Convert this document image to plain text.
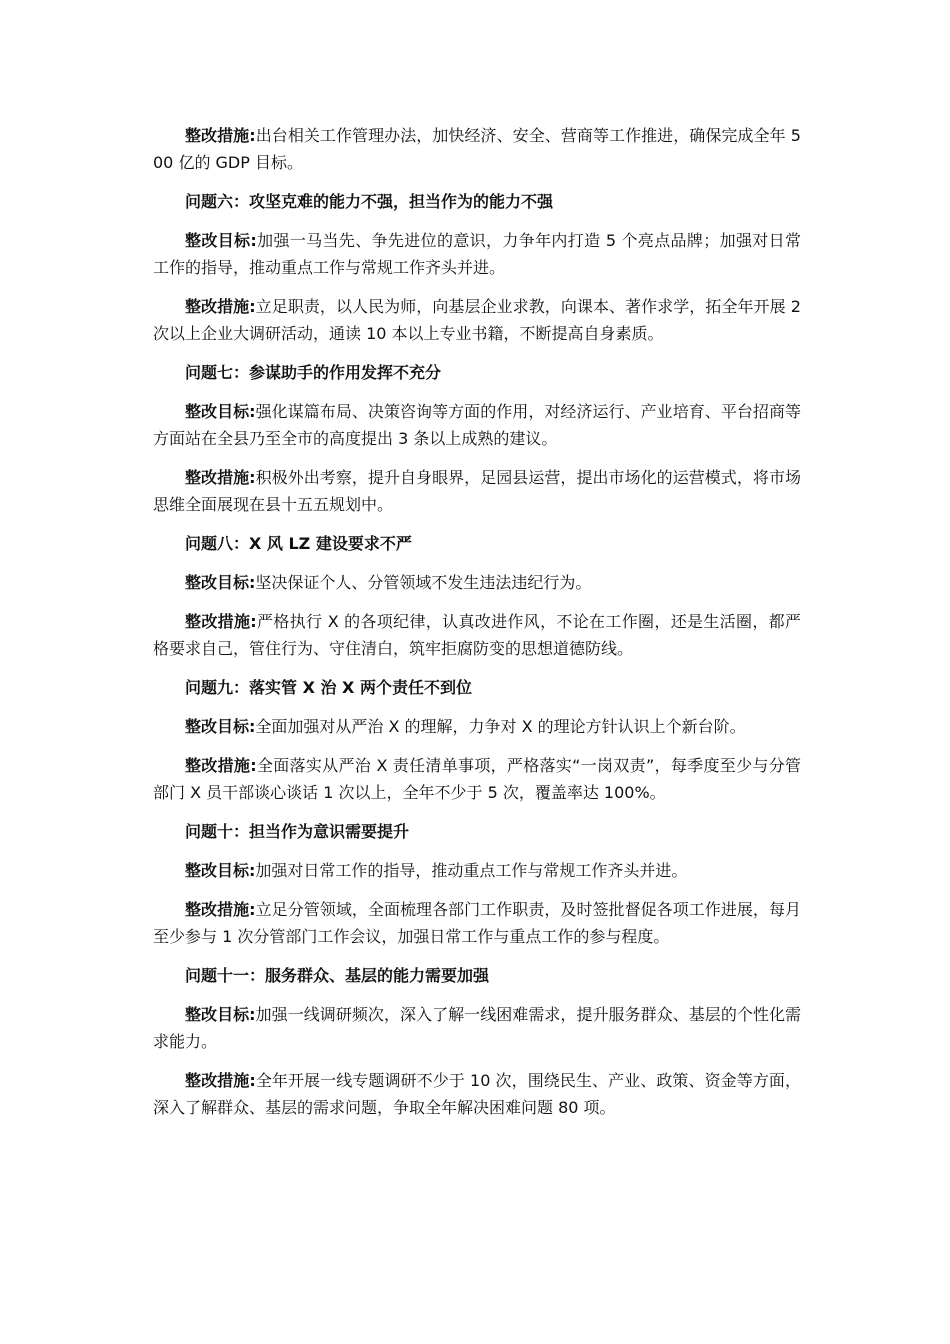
整改措施:出台相关工作管理办法，加快经济、安全、营商等工作推进，确保完成全年 500 亿的 GDP 目标。

问题六：攻坚克难的能力不强，担当作为的能力不强

整改目标:加强一马当先、争先进位的意识，力争年内打造 5 个亮点品牌；加强对日常工作的指导，推动重点工作与常规工作齐头并进。

整改措施:立足职责，以人民为师，向基层企业求教，向课本、著作求学，拓全年开展 2 次以上企业大调研活动，通读 10 本以上专业书籍，不断提高自身素质。

问题七：参谋助手的作用发挥不充分

整改目标:强化谋篇布局、决策咨询等方面的作用，对经济运行、产业培育、平台招商等方面站在全县乃至全市的高度提出 3 条以上成熟的建议。

整改措施:积极外出考察，提升自身眼界，足园县运营，提出市场化的运营模式，将市场思维全面展现在县十五五规划中。

问题八：X 风 LZ 建设要求不严

整改目标:坚决保证个人、分管领域不发生违法违纪行为。

整改措施:严格执行 X 的各项纪律，认真改进作风，不论在工作圈，还是生活圈，都严格要求自己，管住行为、守住清白，筑牢拒腐防变的思想道德防线。

问题九：落实管 X 治 X 两个责任不到位

整改目标:全面加强对从严治 X 的理解，力争对 X 的理论方针认识上个新台阶。

整改措施:全面落实从严治 X 责任清单事项，严格落实“一岗双责”，每季度至少与分管部门 X 员干部谈心谈话 1 次以上，全年不少于 5 次，覆盖率达 100%。

问题十：担当作为意识需要提升

整改目标:加强对日常工作的指导，推动重点工作与常规工作齐头并进。

整改措施:立足分管领域，全面梳理各部门工作职责，及时签批督促各项工作进展，每月至少参与 1 次分管部门工作会议，加强日常工作与重点工作的参与程度。

问题十一：服务群众、基层的能力需要加强

整改目标:加强一线调研频次，深入了解一线困难需求，提升服务群众、基层的个性化需求能力。

整改措施:全年开展一线专题调研不少于 10 次，围绕民生、产业、政策、资金等方面，深入了解群众、基层的需求问题，争取全年解决困难问题 80 项。
